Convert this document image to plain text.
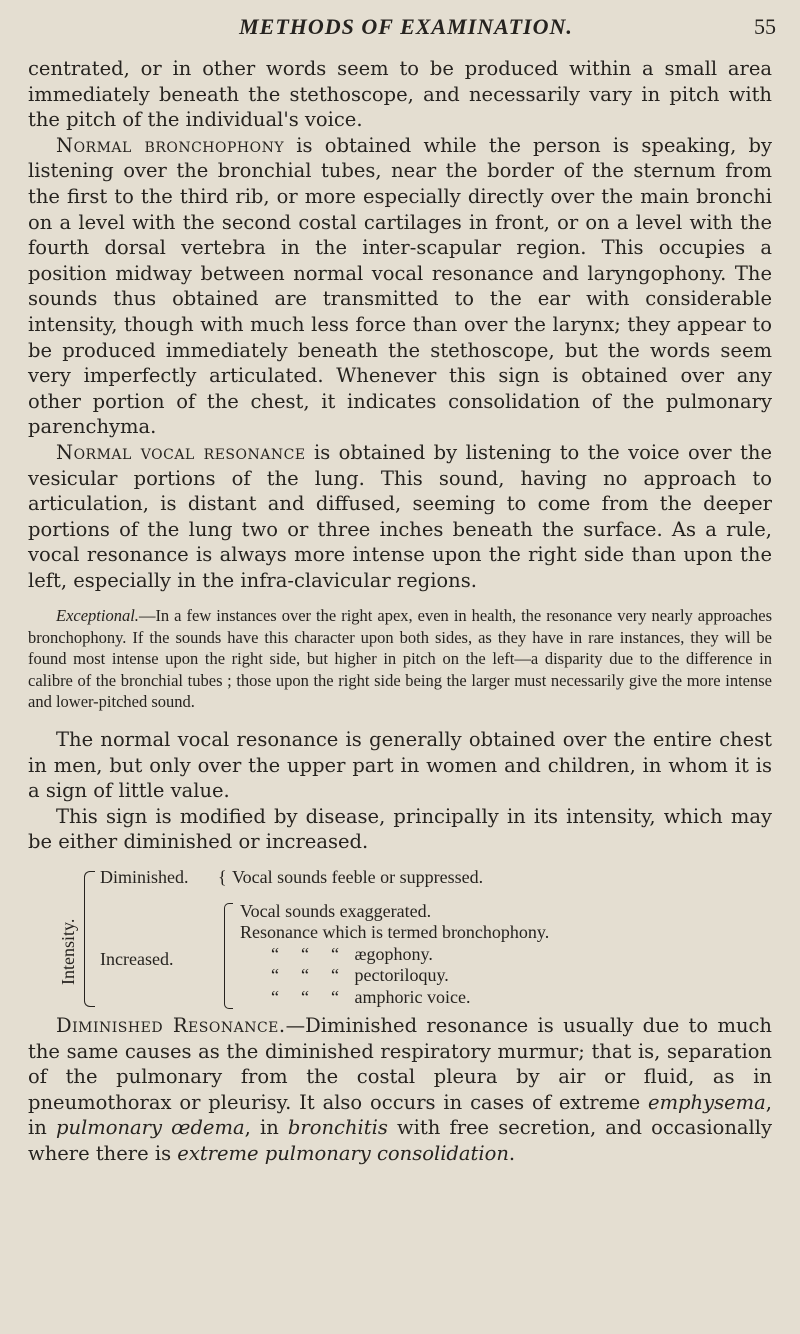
METHODS OF EXAMINATION.	55

centrated, or in other words seem to be produced within a small area immediately beneath the stethoscope, and necessarily vary in pitch with the pitch of the individual's voice.

Normal bronchophony is obtained while the person is speaking, by listening over the bronchial tubes, near the border of the sternum from the first to the third rib, or more especially directly over the main bronchi on a level with the second costal cartilages in front, or on a level with the fourth dorsal vertebra in the inter-scapular region. This occupies a position midway between normal vocal resonance and laryngophony. The sounds thus obtained are transmitted to the ear with considerable intensity, though with much less force than over the larynx; they appear to be produced immediately beneath the stethoscope, but the words seem very imperfectly articulated. Whenever this sign is obtained over any other portion of the chest, it indicates consolidation of the pulmonary parenchyma.

Normal vocal resonance is obtained by listening to the voice over the vesicular portions of the lung. This sound, having no approach to articulation, is distant and diffused, seeming to come from the deeper portions of the lung two or three inches beneath the surface. As a rule, vocal resonance is always more intense upon the right side than upon the left, especially in the infra-clavicular regions.

Exceptional.—In a few instances over the right apex, even in health, the resonance very nearly approaches bronchophony. If the sounds have this character upon both sides, as they have in rare instances, they will be found most intense upon the right side, but higher in pitch on the left—a disparity due to the difference in calibre of the bronchial tubes ; those upon the right side being the larger must necessarily give the more intense and lower-pitched sound.

The normal vocal resonance is generally obtained over the entire chest in men, but only over the upper part in women and children, in whom it is a sign of little value.

This sign is modified by disease, principally in its intensity, which may be either diminished or increased.

Intensity.
Diminished. { Vocal sounds feeble or suppressed.
Increased.
Vocal sounds exaggerated.
Resonance which is termed bronchophony.
“ “ “ ægophony.
“ “ “ pectoriloquy.
“ “ “ amphoric voice.

Diminished Resonance.—Diminished resonance is usually due to much the same causes as the diminished respiratory murmur; that is, separation of the pulmonary from the costal pleura by air or fluid, as in pneumothorax or pleurisy. It also occurs in cases of extreme emphysema, in pulmonary œdema, in bronchitis with free secretion, and occasionally where there is extreme pulmonary consolidation.
